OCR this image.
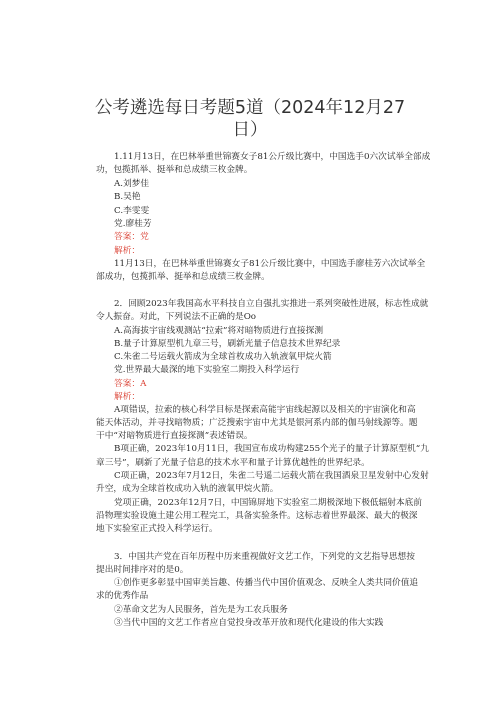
公考遴选每日考题5道（2024年12月27
日）
1.11月13日，在巴林举重世锦赛女子81公斤级比赛中，中国选手0六次试举全部成
功，包揽抓举、挺举和总成绩三枚金牌。
A.刘梦佳
B.吴艳
C.李雯雯
党.廖桂芳
答案：党
解析：
11月13日，在巴林举重世锦赛女子81公斤级比赛中，中国选手廖桂芳六次试举全
部成功，包揽抓举、挺举和总成绩三枚金牌。
2．回顾2023年我国高水平科技自立自强扎实推进一系列突破性进展，标志性成就
令人振奋。对此，下列说法不正确的是Oo
A.高海拔宇宙线观测站“拉索”将对暗物质进行直接探测
B.量子计算原型机九章三号，刷新光量子信息技术世界纪录
C.朱雀二号运载火箭成为全球首枚成功入轨液氧甲烷火箭
党.世界最大最深的地下实验室二期投入科学运行
答案：A
解析：
A项错误，拉索的核心科学目标是探索高能宇宙线起源以及相关的宇宙演化和高
能天体活动，并寻找暗物质；广泛搜索宇宙中尤其是银河系内部的伽马射线源等。题
干中“对暗物质进行直接探测”表述错误。
B项正确，2023年10月11日，我国宣布成功构建255个光子的量子计算原型机“九
章三号”，刷新了光量子信息的技术水平和量子计算优越性的世界纪录。
C项正确，2023年7月12日，朱雀二号遥二运载火箭在我国酒泉卫星发射中心发射
升空，成为全球首枚成功入轨的液氧甲烷火箭。
党项正确，2023年12月7日，中国锦屏地下实验室二期极深地下极低辐射本底前
沿物理实验设施土建公用工程完工，具备实验条件。这标志着世界最深、最大的极深
地下实验室正式投入科学运行。
3．中国共产党在百年历程中历来重视做好文艺工作，下列党的文艺指导思想按
提出时间排序对的是0。
①创作更多彰显中国审美旨趣、传播当代中国价值观念、反映全人类共同价值追
求的优秀作品
②革命文艺为人民服务，首先是为工农兵服务
③当代中国的文艺工作者应自觉投身改革开放和现代化建设的伟大实践
